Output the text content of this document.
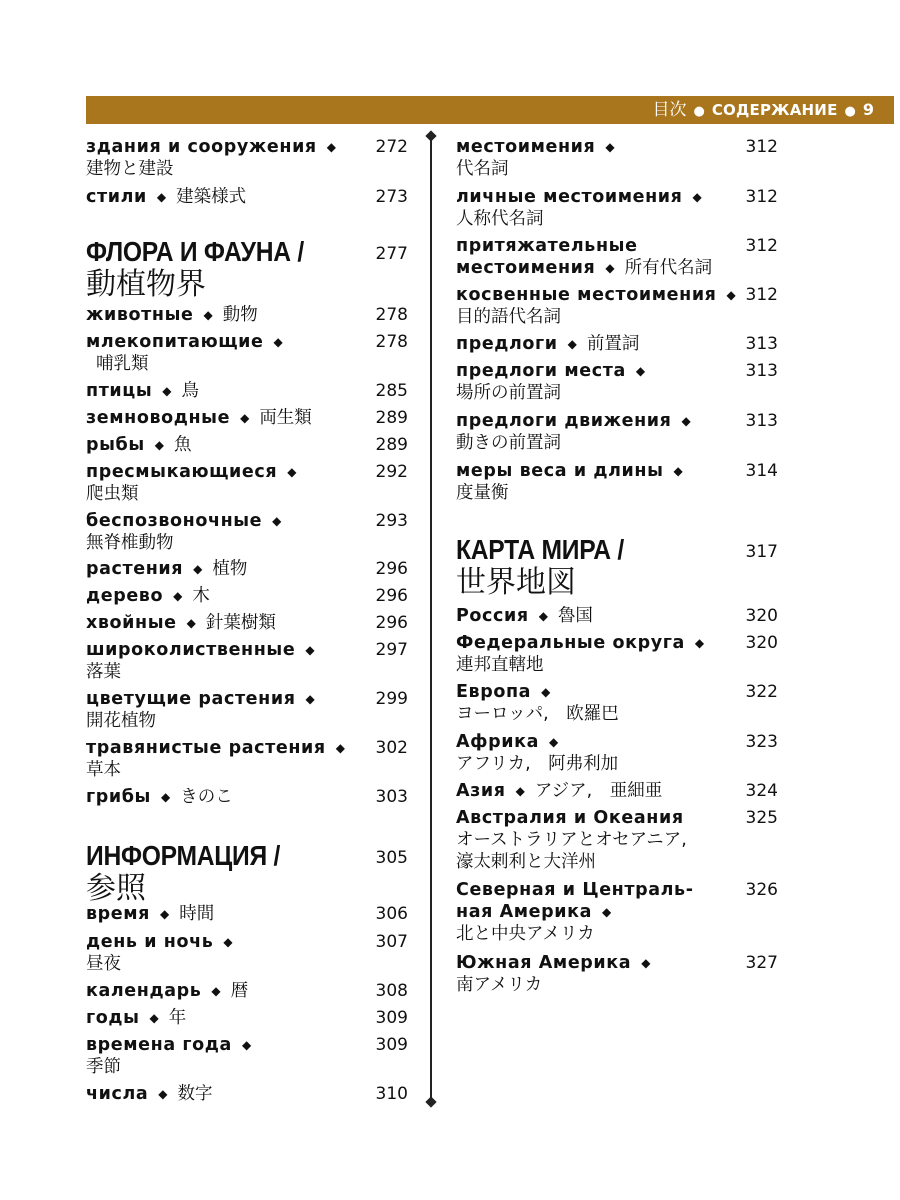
目次 ● СОДЕРЖАНИЕ ● 9
здания и сооружения ◆
建物と建設
272
стили ◆ 建築様式	273
ФЛОРА И ФАУНА /
動植物界
277
животные ◆ 動物	278
млекопитающие ◆
哺乳類
278
птицы ◆ 鳥	285
земноводные ◆ 両生類	289
рыбы ◆ 魚	289
пресмыкающиеся ◆
爬虫類
292
беспозвоночные ◆
無脊椎動物
293
растения ◆ 植物	296
дерево ◆ 木	296
хвойные ◆ 針葉樹類	296
широколиственные ◆
落葉
297
цветущие растения ◆
開花植物
299
травянистые растения ◆
草本
302
грибы ◆ きのこ	303
ИНФОРМАЦИЯ /
参照
305
время ◆ 時間	306
день и ночь ◆
昼夜
307
календарь ◆ 暦	308
годы ◆ 年	309
времена года ◆
季節
309
числа ◆ 数字	310
местоимения ◆
代名詞
312
личные местоимения ◆
人称代名詞
312
притяжательные
местоимения ◆ 所有代名詞
312
косвенные местоимения ◆
目的語代名詞
312
предлоги ◆ 前置詞	313
предлоги места ◆
場所の前置詞
313
предлоги движения ◆
動きの前置詞
313
меры веса и длины ◆
度量衡
314
КАРТА МИРА /
世界地図
317
Россия ◆ 魯国	320
Федеральные округа ◆
連邦直轄地
320
Европа ◆
ヨーロッパ,　欧羅巴
322
Африка ◆
アフリカ,　阿弗利加
323
Азия ◆ アジア,　亜細亜	324
Австралия и Океания
オーストラリアとオセアニア,
濠太剌利と大洋州
325
Северная и Централь-
ная Америка ◆
北と中央アメリカ
326
Южная Америка ◆
南アメリカ
327
